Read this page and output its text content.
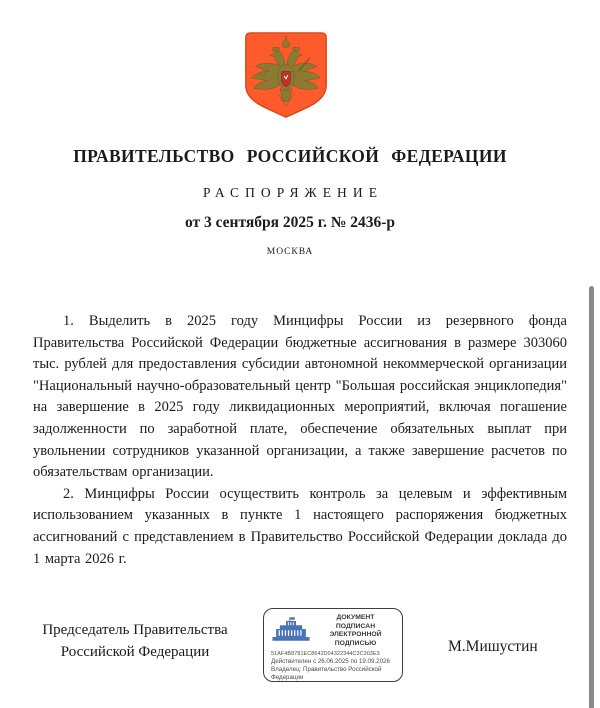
ПРАВИТЕЛЬСТВО РОССИЙСКОЙ ФЕДЕРАЦИИ
РАСПОРЯЖЕНИЕ
от 3 сентября 2025 г. № 2436-р
МОСКВА

1. Выделить в 2025 году Минцифры России из резервного фонда Правительства Российской Федерации бюджетные ассигнования в размере 303060 тыс. рублей для предоставления субсидии автономной некоммерческой организации "Национальный научно-образовательный центр "Большая российская энциклопедия" на завершение в 2025 году ликвидационных мероприятий, включая погашение задолженности по заработной плате, обеспечение обязательных выплат при увольнении сотрудников указанной организации, а также завершение расчетов по обязательствам организации.

2. Минцифры России осуществить контроль за целевым и эффективным использованием указанных в пункте 1 настоящего распоряжения бюджетных ассигнований с представлением в Правительство Российской Федерации доклада до 1 марта 2026 г.

Председатель Правительства
Российской Федерации
ДОКУМЕНТ ПОДПИСАН
ЭЛЕКТРОННОЙ ПОДПИСЬЮ
51AF4B8781EC8642D04322344C3C303E3
Действителен с 26.06.2025 по 19.09.2026
Владелец: Правительство Российской
Федерации
М.Мишустин
